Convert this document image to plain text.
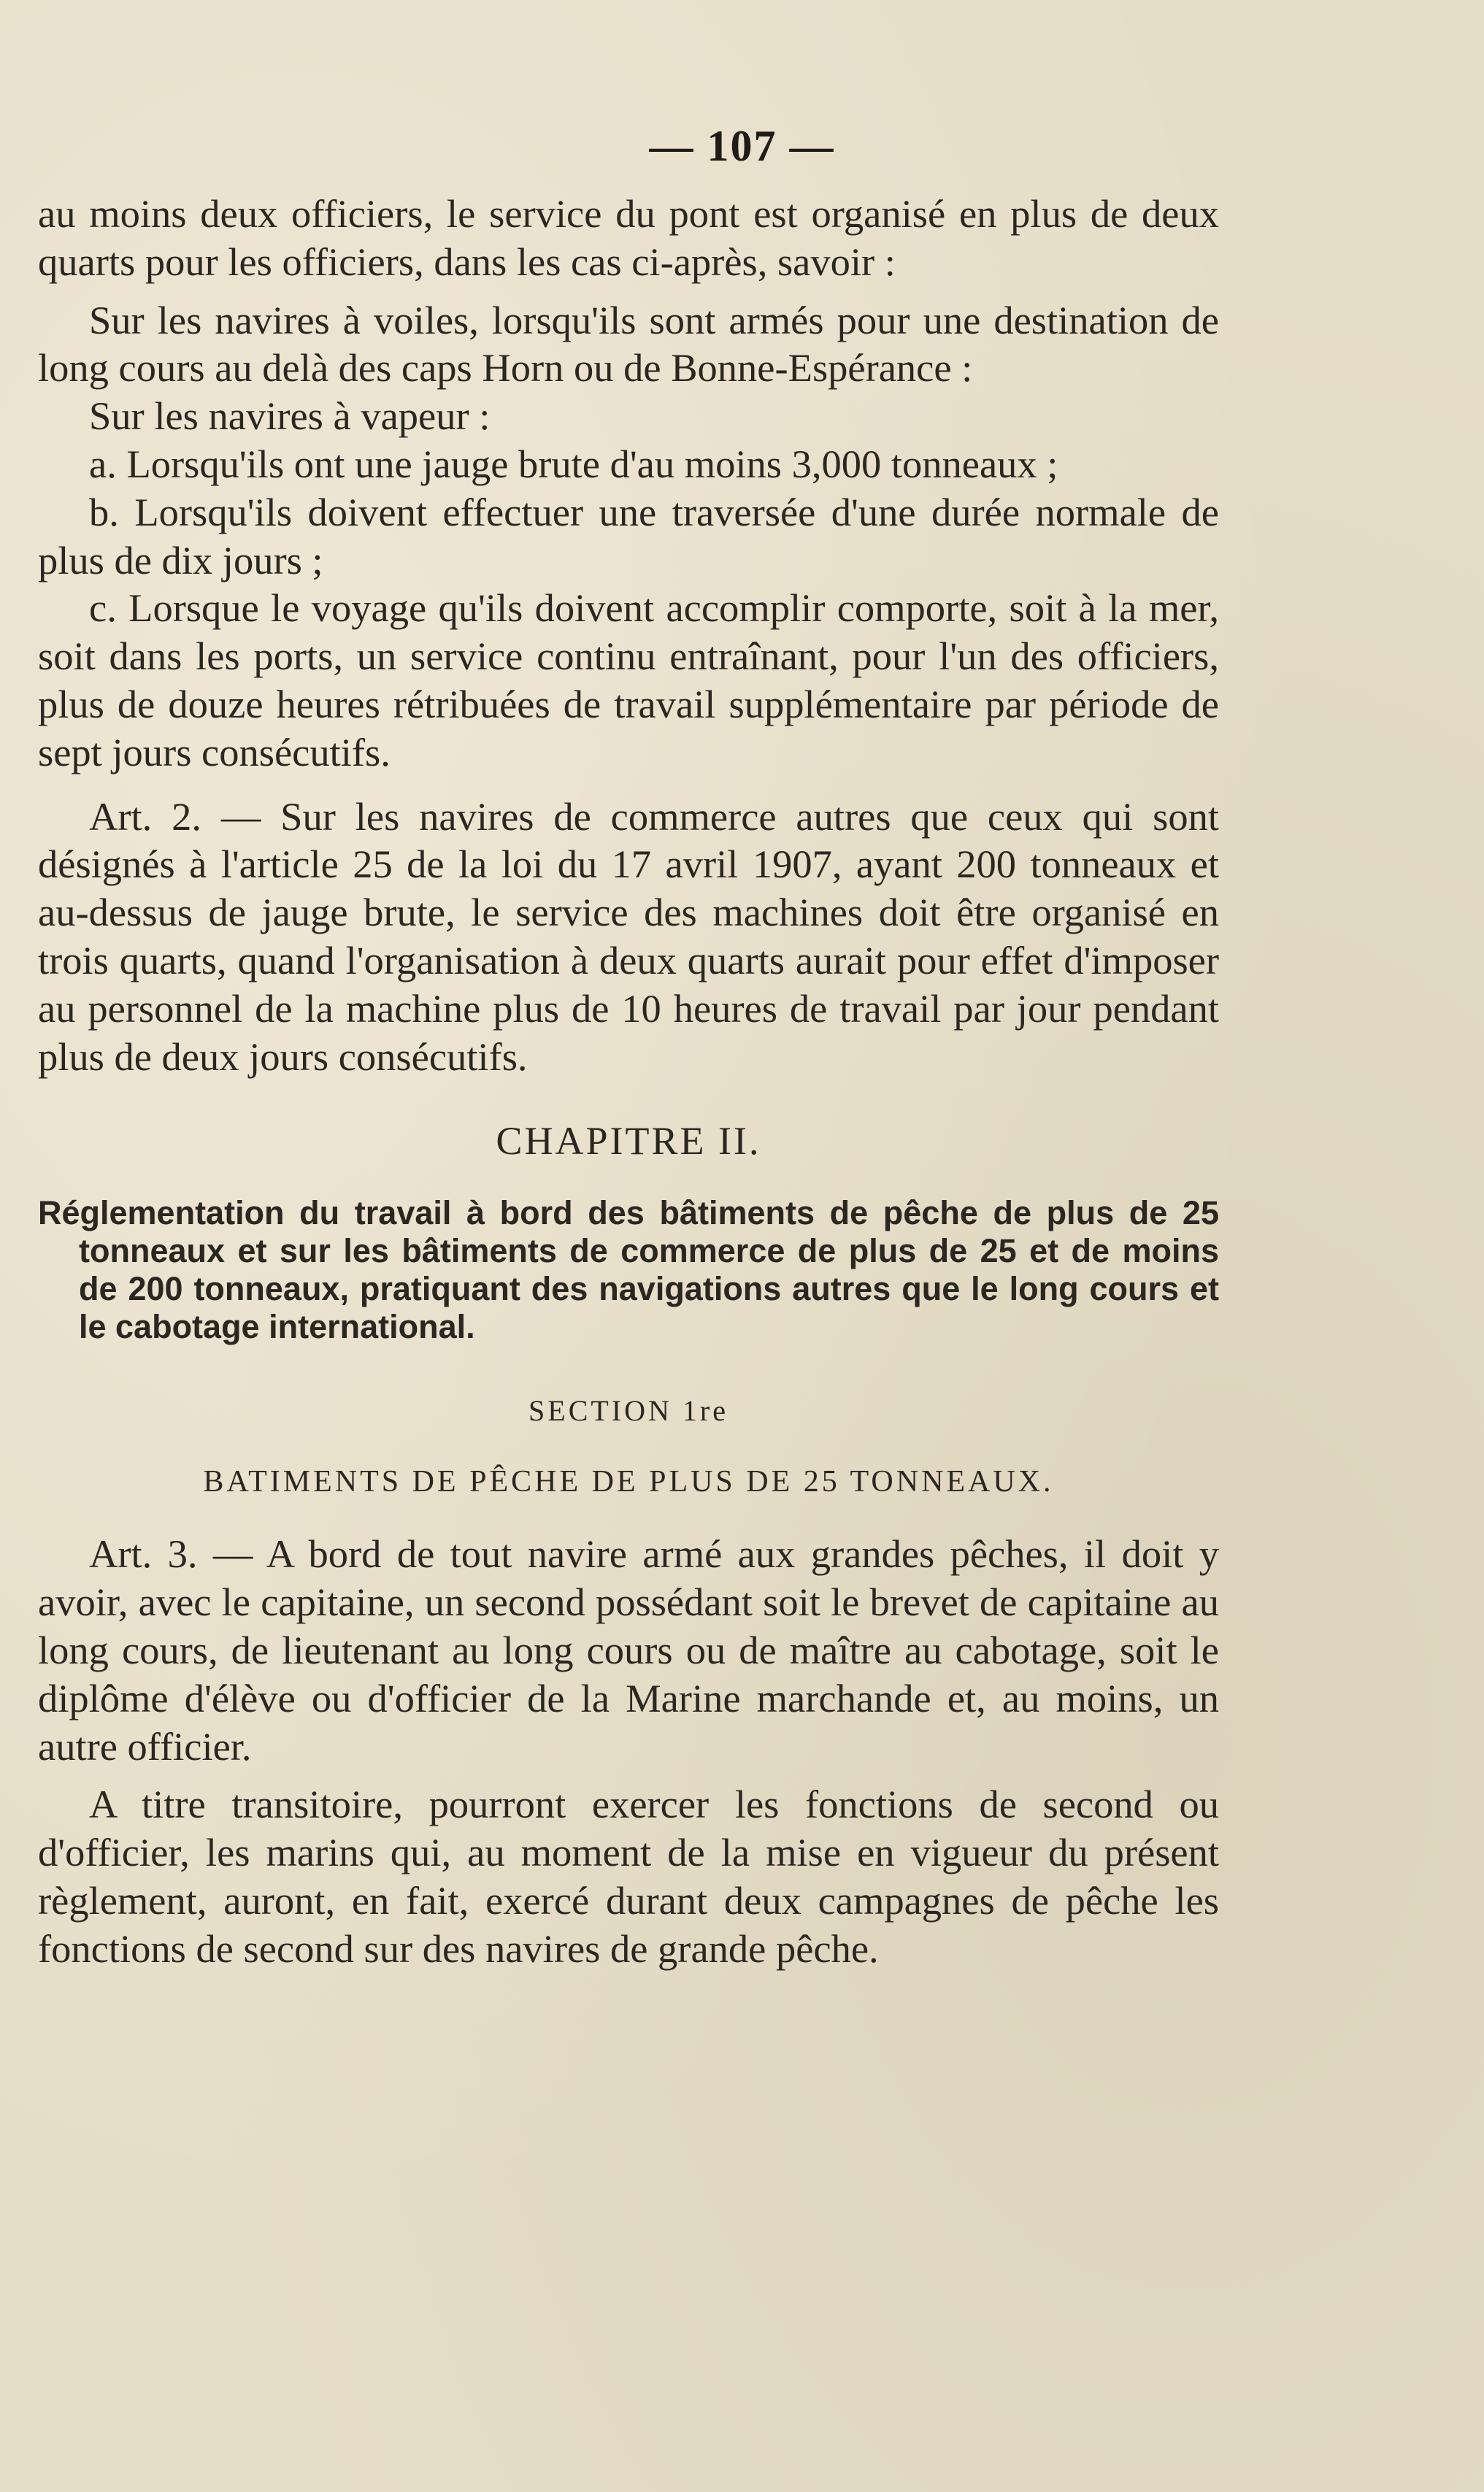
— 107 —

au moins deux officiers, le service du pont est organisé en plus de deux quarts pour les officiers, dans les cas ci-après, savoir :

Sur les navires à voiles, lorsqu'ils sont armés pour une destination de long cours au delà des caps Horn ou de Bonne-Espérance :

Sur les navires à vapeur :

a. Lorsqu'ils ont une jauge brute d'au moins 3,000 tonneaux ;

b. Lorsqu'ils doivent effectuer une traversée d'une durée normale de plus de dix jours ;

c. Lorsque le voyage qu'ils doivent accomplir comporte, soit à la mer, soit dans les ports, un service continu entraînant, pour l'un des officiers, plus de douze heures rétribuées de travail supplémentaire par période de sept jours consécutifs.

Art. 2. — Sur les navires de commerce autres que ceux qui sont désignés à l'article 25 de la loi du 17 avril 1907, ayant 200 tonneaux et au-dessus de jauge brute, le service des machines doit être organisé en trois quarts, quand l'organisation à deux quarts aurait pour effet d'imposer au personnel de la machine plus de 10 heures de travail par jour pendant plus de deux jours consécutifs.

CHAPITRE II.

Réglementation du travail à bord des bâtiments de pêche de plus de 25 tonneaux et sur les bâtiments de commerce de plus de 25 et de moins de 200 tonneaux, pratiquant des navigations autres que le long cours et le cabotage international.

SECTION 1re

BATIMENTS DE PÊCHE DE PLUS DE 25 TONNEAUX.

Art. 3. — A bord de tout navire armé aux grandes pêches, il doit y avoir, avec le capitaine, un second possédant soit le brevet de capitaine au long cours, de lieutenant au long cours ou de maître au cabotage, soit le diplôme d'élève ou d'officier de la Marine marchande et, au moins, un autre officier.

A titre transitoire, pourront exercer les fonctions de second ou d'officier, les marins qui, au moment de la mise en vigueur du présent règlement, auront, en fait, exercé durant deux campagnes de pêche les fonctions de second sur des navires de grande pêche.
